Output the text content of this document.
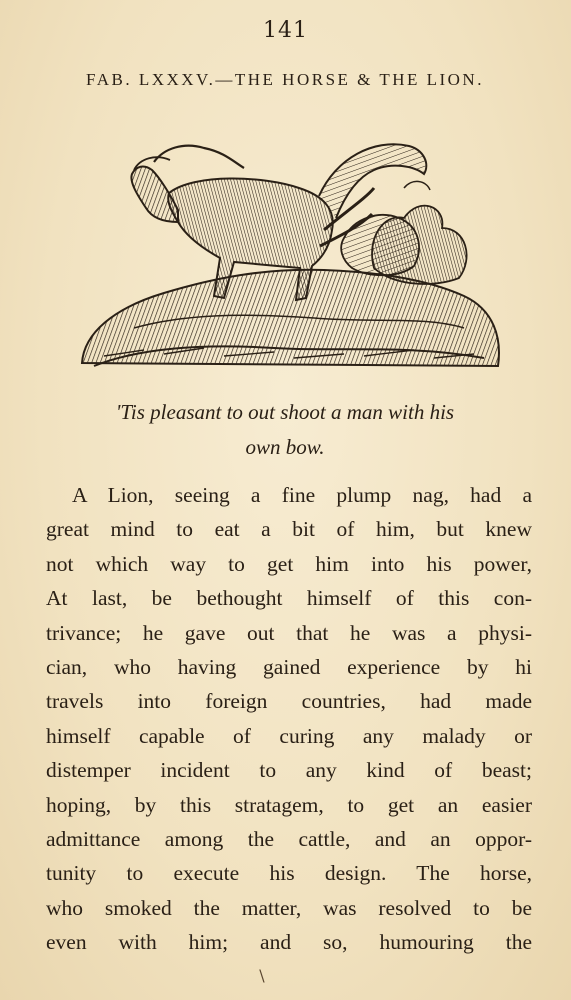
141
FAB. LXXXV.—THE HORSE & THE LION.
'Tis pleasant to out shoot a man with his
own bow.
A Lion, seeing a fine plump nag, had a
great mind to eat a bit of him, but knew
not which way to get him into his power,
At last, be bethought himself of this con-
trivance; he gave out that he was a physi-
cian, who having gained experience by hi
travels into foreign countries, had made
himself capable of curing any malady or
distemper incident to any kind of beast;
hoping, by this stratagem, to get an easier
admittance among the cattle, and an oppor-
tunity to execute his design. The horse,
who smoked the matter, was resolved to be
even with him; and so, humouring the
\
